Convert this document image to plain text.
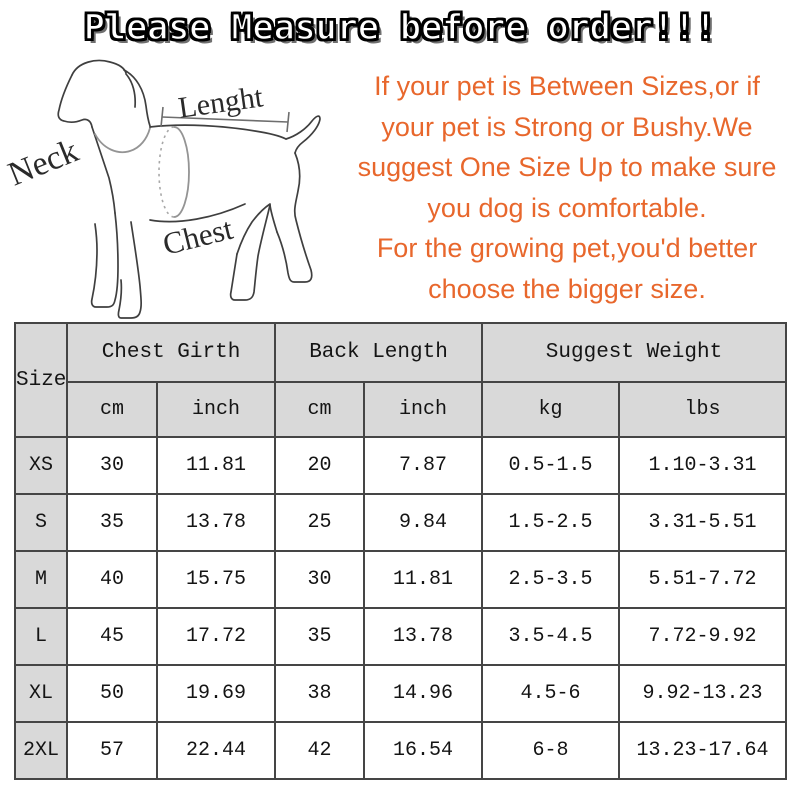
Please Measure before order!!!
Lenght
Neck
Chest
If your pet is Between Sizes,or if
your pet is Strong or Bushy.We
suggest One Size Up to make sure
you dog is comfortable.
For the growing pet,you'd better
choose the bigger size.
Size	Chest Girth		Back Length		Suggest Weight	
	cm	inch	cm	inch	kg	lbs
XS	30	11.81	20	7.87	0.5-1.5	1.10-3.31
S	35	13.78	25	9.84	1.5-2.5	3.31-5.51
M	40	15.75	30	11.81	2.5-3.5	5.51-7.72
L	45	17.72	35	13.78	3.5-4.5	7.72-9.92
XL	50	19.69	38	14.96	4.5-6	9.92-13.23
2XL	57	22.44	42	16.54	6-8	13.23-17.64
